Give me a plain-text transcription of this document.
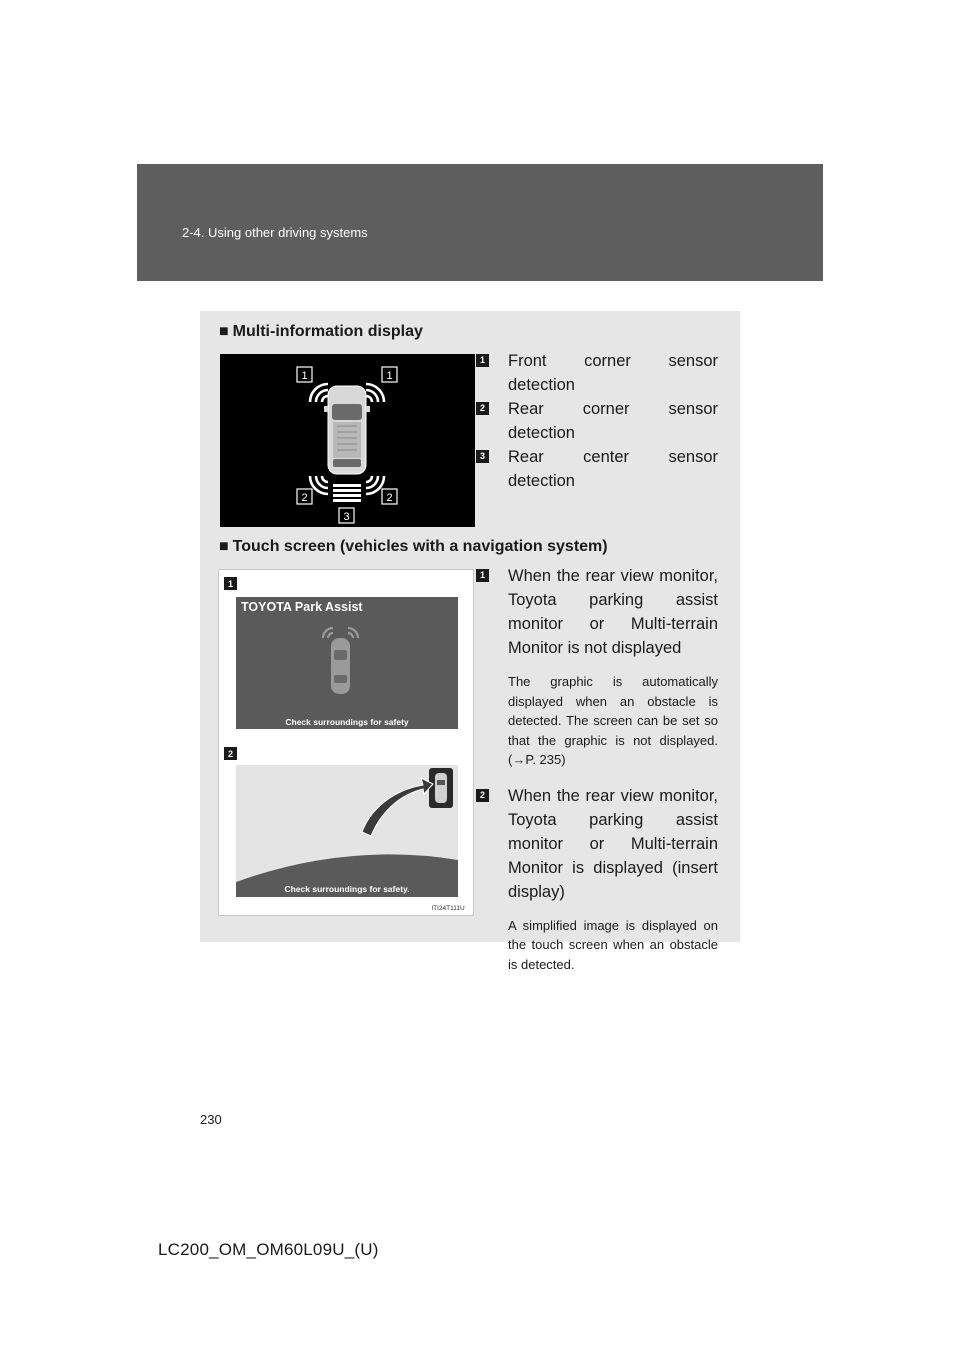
2-4. Using other driving systems
■ Multi-information display
1	1
2	2
3
1 Front corner sensor detection
2 Rear corner sensor detection
3 Rear center sensor detection
■ Touch screen (vehicles with a navigation system)
1
TOYOTA Park Assist
Check surroundings for safety
2
Check surroundings for safety.
ITI24T111U
1 When the rear view monitor, Toyota parking assist monitor or Multi-terrain Monitor is not displayed
The graphic is automatically displayed when an obstacle is detected. The screen can be set so that the graphic is not displayed. (→P. 235)
2 When the rear view monitor, Toyota parking assist monitor or Multi-terrain Monitor is displayed (insert display)
A simplified image is displayed on the touch screen when an obstacle is detected.
230
LC200_OM_OM60L09U_(U)
